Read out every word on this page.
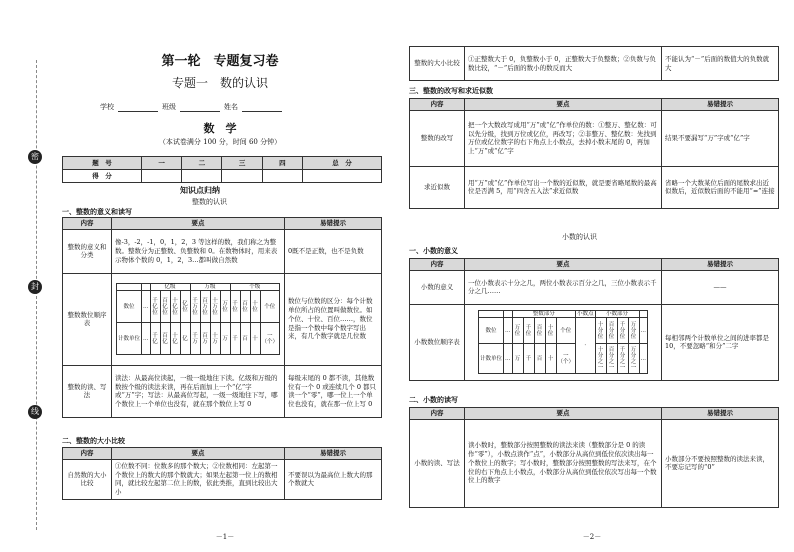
密
封
线
第一轮　专题复习卷
专题一　数的认识
学校	班级	姓名
数　学
（本试卷满分 100 分，时间 60 分钟）
题　号	一	二	三	四	总　分
得　分					
知识点归纳
整数的认识
一、整数的意义和读写
内容	要点	易错提示
整数的意义和分类	像-3，-2，-1，0，1，2，3 等这样的数，我们称之为整数。整数分为正整数、负整数和 0。在数物体时，用来表示物体个数的 0，1，2，3…都叫做自然数	0既不是正数，也不是负数
整数数位顺序表	
		亿级	万级	个级
数位	…	千亿位	百亿位	十亿位	亿位	千万位	百万位	十万位	万位	千位	百位	十位	个位
计数单位	…	千亿	百亿	十亿	亿	千万	百万	十万	万	千	百	十	一（个）
	数位与位数的区分：每个计数单位所占的位置叫做数位。如个位、十位、百位……，数位是指一个数中每个数字写出来，有几个数字就是几位数
整数的读、写法	读法：从最高位读起，一级一级地往下读。亿级和万级的数按个级的读法来读，再在后面加上一个“亿”字或“万”字；写法：从最高位写起，一级一级地往下写，哪个数位上一个单位也没有，就在那个数位上写 0	每级末尾的 0 都不读，其他数位有一个 0 或连续几个 0 都只读一个“零”，哪一位上一个单位也没有，就在那一位上写 0
二、整数的大小比较
内容	要点	易错提示
自然数的大小比较	①位数不同：位数多的那个数大；②位数相同：左起第一个数位上的数大的那个数就大；如果左起第一位上的数相同，就比较左起第二位上的数，依此类推，直到比较出大小	不要误以为最高位上数大的那个数就大
－1－
整数的大小比较	①正整数大于 0，负整数小于 0，正整数大于负整数；②负数与负数比较，“－”后面的数小的数反而大	不能认为“－”后面的数值大的负数就大
三、整数的改写和求近似数
内容	要点	易错提示
整数的改写	把一个大数改写成用“万”或“亿”作单位的数：①整万、整亿数：可以先分级，找到万位或亿位，再改写；②非整万、整亿数：先找到万位或亿位数字的右下角点上小数点，去掉小数末尾的 0，再加上“万”或“亿”字	结果不要漏写“万”字或“亿”字
求近似数	用“万”或“亿”作单位写出一个数的近似数，就是要省略尾数的最高位是否满 5，用“四舍五入法”求近似数	省略一个大数某位后面的尾数求出近似数后，近似数后面的不能用“=”连接
小数的认识
一、小数的意义
内容	要点	易错提示
小数的意义	一位小数表示十分之几，两位小数表示百分之几，三位小数表示千分之几……	——
小数数位顺序表	
		整数部分	小数点	小数部分	
数位	…	万位	千位	百位	十位	个位	·	十分位	百分位	千分位	万分位	…
计数单位	…	万	千	百	十	一（个）	十分之一	百分之一	千分之一	万分之一	…
	每相邻两个计数单位之间的进率都是 10，不要忽略“和分”二字
二、小数的读写
内容	要点	易错提示
小数的读、写法	读小数时，整数部分按照整数的读法来读（整数部分是 0 的读作“零”），小数点读作“点”，小数部分从高位到低位依次读出每一个数位上的数字；写小数时，整数部分按照整数的写法来写，在个位的右下角点上小数点，小数部分从高位到低位依次写出每一个数位上的数字	小数部分不要按照整数的读法来读，不要忘记写的“0”
－2－
